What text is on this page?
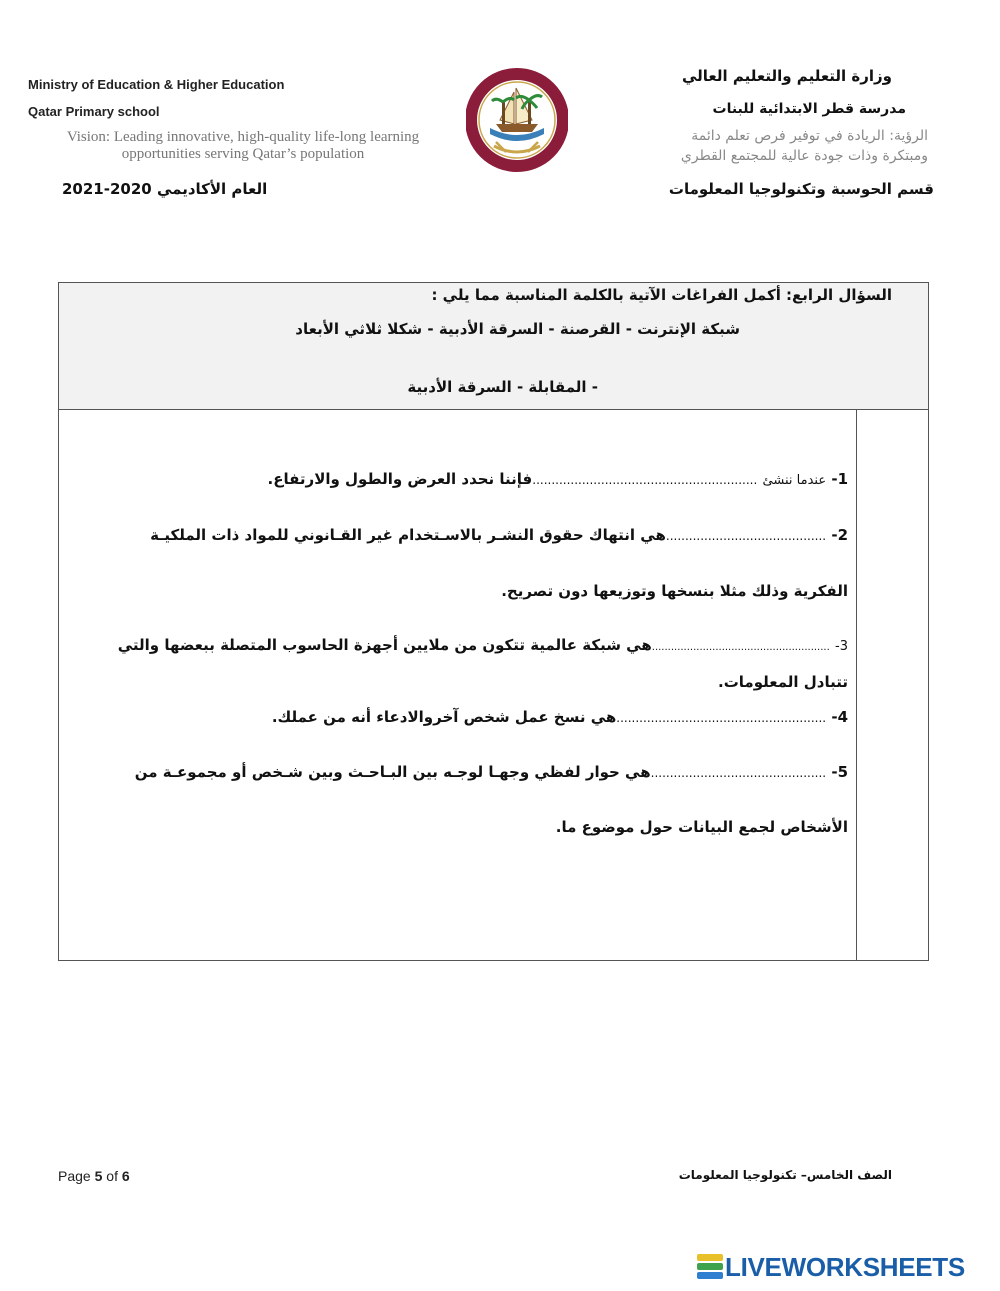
Ministry of Education & Higher Education
Qatar Primary school
Vision: Leading innovative, high-quality life-long learning opportunities serving Qatar’s population
العام الأكاديمي 2020-2021
وزارة التعليم والتعليم العالي
مدرسة قطر الابتدائية للبنات
الرؤية: الريادة في توفير فرص تعلم دائمة
ومبتكرة وذات جودة عالية للمجتمع القطري
قسم الحوسبة وتكنولوجيا المعلومات
السؤال الرابع: أكمل الفراغات الآتية بالكلمة المناسبة مما يلي :
شبكة الإنترنت - القرصنة - السرقة الأدبية - شكلا ثلاثي الأبعاد
- المقابلة - السرقة الأدبية
1- عندما ننشئ ...........................................................فإننا نحدد العرض والطول والارتفاع.
2- ..........................................هي انتهاك حقوق النشـر بالاسـتخدام غير القـانوني للمواد ذات الملكيـة
الفكرية وذلك مثلا بنسخها وتوزيعها دون تصريح.
3- ........................................................هي شبكة عالمية تتكون من ملايين أجهزة الحاسوب المتصلة ببعضها والتي
تتبادل المعلومات.
4- .......................................................هي نسخ عمل شخص آخروالادعاء أنه من عملك.
5- ..............................................هي حوار لفظي وجهـا لوجـه بين البـاحـث وبين شـخص أو مجموعـة من
الأشخاص لجمع البيانات حول موضوع ما.
Page 5 of 6	الصف الخامس– تكنولوجيا المعلومات
LIVEWORKSHEETS
